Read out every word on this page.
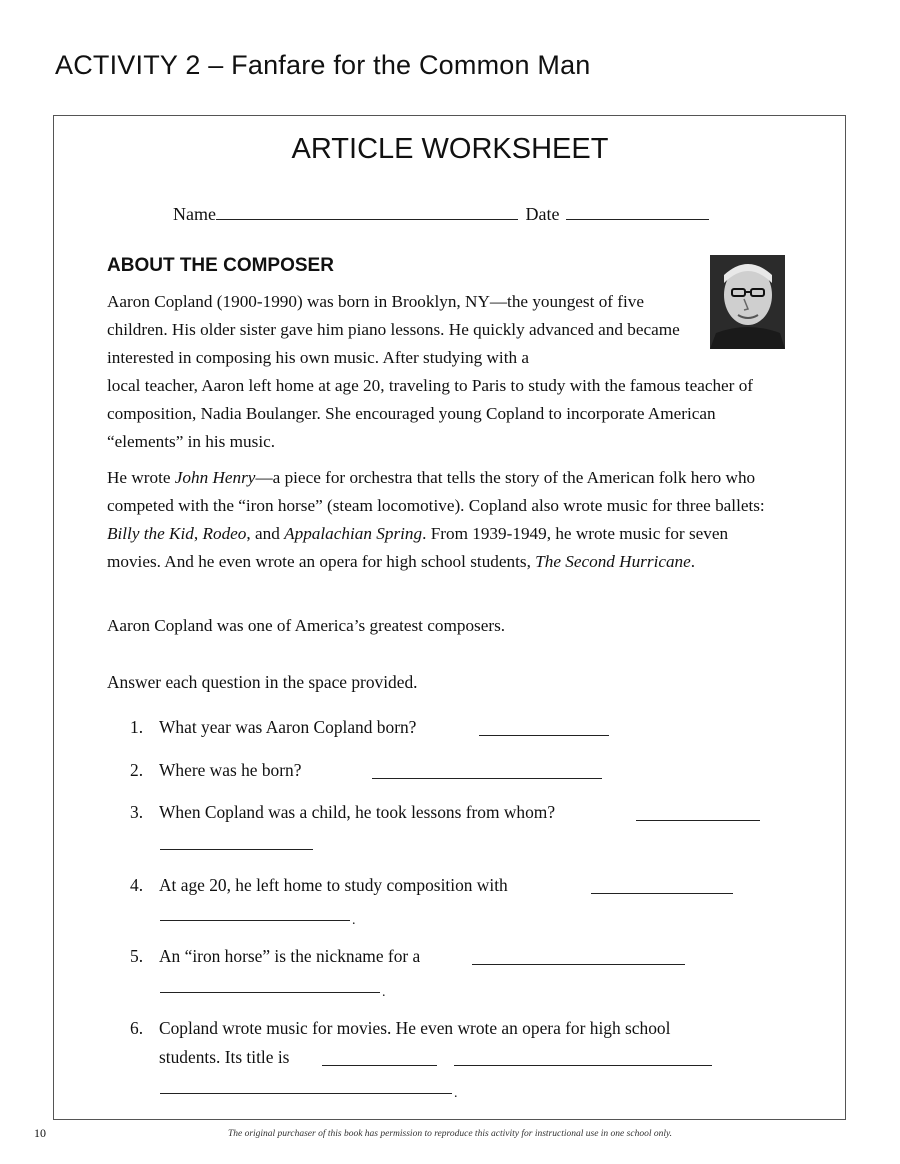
ACTIVITY 2 – Fanfare for the Common Man
ARTICLE WORKSHEET
Name	Date
ABOUT THE COMPOSER

Aaron Copland (1900-1990) was born in Brooklyn, NY—the youngest of five children. His older sister gave him piano lessons. He quickly advanced and became interested in composing his own music. After studying with a
local teacher, Aaron left home at age 20, traveling to Paris to study with the famous teacher of composition, Nadia Boulanger. She encouraged young Copland to incorporate American “elements” in his music.

He wrote John Henry—a piece for orchestra that tells the story of the American folk hero who competed with the “iron horse” (steam locomotive). Copland also wrote music for three ballets: Billy the Kid, Rodeo, and Appalachian Spring. From 1939-1949, he wrote music for seven movies. And he even wrote an opera for high school students, The Second Hurricane.

Aaron Copland was one of America’s greatest composers.

Answer each question in the space provided.
1. What year was Aaron Copland born?
2. Where was he born?
3. When Copland was a child, he took lessons from whom?
4. At age 20, he left home to study composition with
.
5. An “iron horse” is the nickname for a
.
6. Copland wrote music for movies. He even wrote an opera for high school
students. Its title is
.
10	The original purchaser of this book has permission to reproduce this activity for instructional use in one school only.
